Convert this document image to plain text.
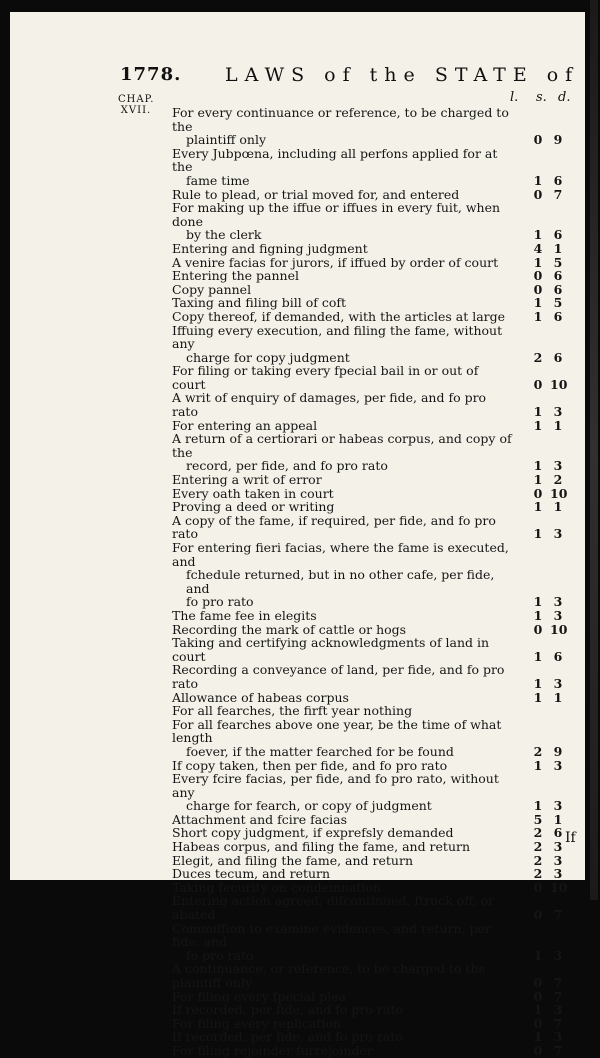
1778. LAWS of the STATE of
CHAP.
XVII.
l. s. d.
For every continuance or reference, to be charged to the
plaintiff only	0 9
Every Jubpœna, including all perfons applied for at the
fame time	1 6
Rule to plead, or trial moved for, and entered	0 7
For making up the iffue or iffues in every fuit, when done
by the clerk	1 6
Entering and figning judgment	4 1
A venire facias for jurors, if iffued by order of court	1 5
Entering the pannel	0 6
Copy pannel	0 6
Taxing and filing bill of coft	1 5
Copy thereof, if demanded, with the articles at large	1 6
Iffuing every execution, and filing the fame, without any
charge for copy judgment	2 6
For filing or taking every fpecial bail in or out of court	0 10
A writ of enquiry of damages, per fide, and fo pro rato	1 3
For entering an appeal	1 1
A return of a certiorari or habeas corpus, and copy of the
record, per fide, and fo pro rato	1 3
Entering a writ of error	1 2
Every oath taken in court	0 10
Proving a deed or writing	1 1
A copy of the fame, if required, per fide, and fo pro rato	1 3
For entering fieri facias, where the fame is executed, and
fchedule returned, but in no other cafe, per fide, and
fo pro rato	1 3
The fame fee in elegits	1 3
Recording the mark of cattle or hogs	0 10
Taking and certifying acknowledgments of land in court	1 6
Recording a conveyance of land, per fide, and fo pro rato	1 3
Allowance of habeas corpus	1 1
For all fearches, the firft year nothing
For all fearches above one year, be the time of what length
foever, if the matter fearched for be found	2 9
If copy taken, then per fide, and fo pro rato	1 3
Every fcire facias, per fide, and fo pro rato, without any
charge for fearch, or copy of judgment	1 3
Attachment and fcire facias	5 1
Short copy judgment, if exprefsly demanded	2 6
Habeas corpus, and filing the fame, and return	2 3
Elegit, and filing the fame, and return	2 3
Duces tecum, and return	2 3
Taking fecurity on condemnation	0 10
Entering action agreed, difcontinued, ftruck off, or abated	0 7
Commiffion to examine evidences, and return, per fide, and
fo pro rato	1 3
A continuance, or reference, to be charged to the plaintiff only	0 7
For filing every fpecial plea	0 7
If recorded, per fide, and fo pro rato	1 3
For filing every replication	0 7
If recorded, per fide, and fo pro rato	1 3
For filing rejoinder furrejoinder	0 7
If
